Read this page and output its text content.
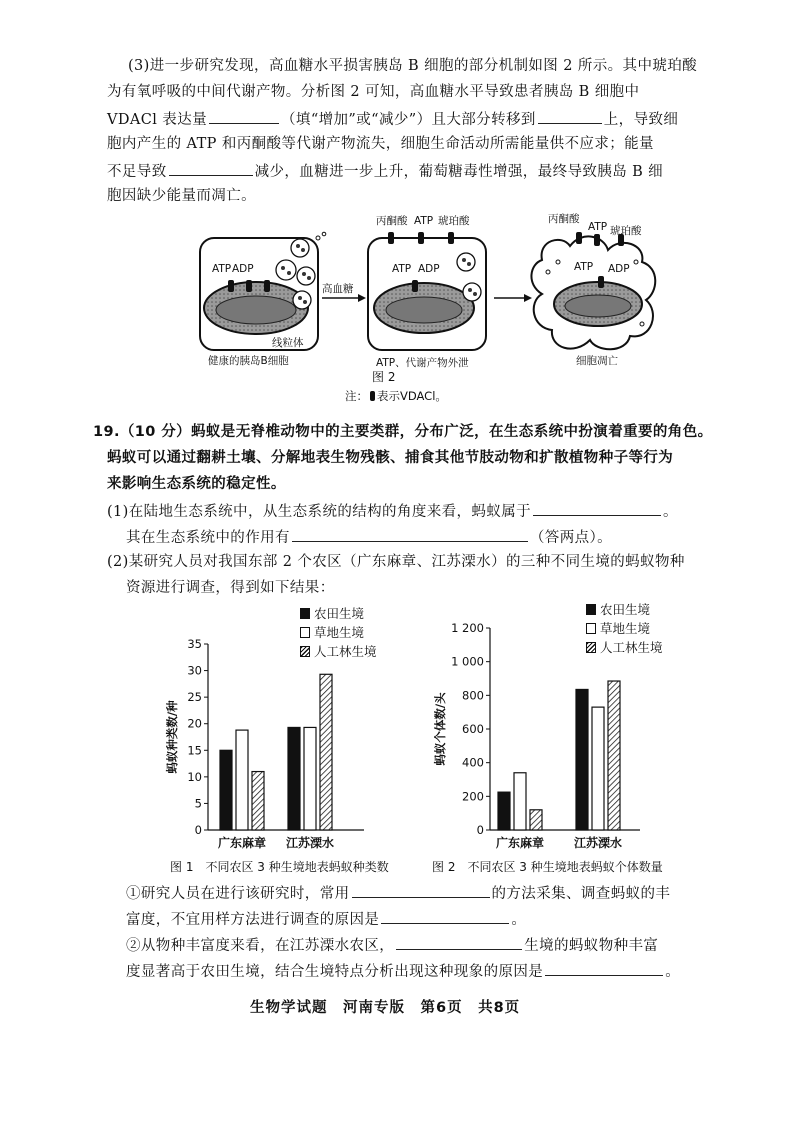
(3)进一步研究发现，高血糖水平损害胰岛 B 细胞的部分机制如图 2 所示。其中琥珀酸
为有氧呼吸的中间代谢产物。分析图 2 可知，高血糖水平导致患者胰岛 B 细胞中
VDACl 表达量	（填“增加”或“减少”）且大部分转移到	上，导致细
胞内产生的 ATP 和丙酮酸等代谢产物流失，细胞生命活动所需能量供不应求；能量
不足导致	减少，血糖进一步上升，葡萄糖毒性增强，最终导致胰岛 B 细
胞因缺少能量而凋亡。
ATP ADP
线粒体
健康的胰岛B细胞
高血糖
丙酮酸 ATP 琥珀酸
ATP ADP
ATP、代谢产物外泄
丙酮酸
ATP 琥珀酸
ATP ADP
细胞凋亡
图 2
注： 表示VDACl。
19.（10 分）蚂蚁是无脊椎动物中的主要类群，分布广泛，在生态系统中扮演着重要的角色。
蚂蚁可以通过翻耕土壤、分解地表生物残骸、捕食其他节肢动物和扩散植物种子等行为
来影响生态系统的稳定性。
(1)在陆地生态系统中，从生态系统的结构的角度来看，蚂蚁属于	。
其在生态系统中的作用有	（答两点）。
(2)某研究人员对我国东部 2 个农区（广东麻章、江苏溧水）的三种不同生境的蚂蚁物种
资源进行调查，得到如下结果：
农田生境
草地生境
人工林生境
农田生境
草地生境
人工林生境
0
5
10
15
20
25
30
35
蚂蚁种类数/种
广东麻章 江苏溧水
0
200
400
600
800
1 000
1 200
蚂蚁个体数/头
广东麻章 江苏溧水
图 1　不同农区 3 种生境地表蚂蚁种类数	图 2　不同农区 3 种生境地表蚂蚁个体数量
①研究人员在进行该研究时，常用	的方法采集、调查蚂蚁的丰
富度，不宜用样方法进行调查的原因是	。
②从物种丰富度来看，在江苏溧水农区，	生境的蚂蚁物种丰富
度显著高于农田生境，结合生境特点分析出现这种现象的原因是	。
生物学试题　河南专版　第6页　共8页
